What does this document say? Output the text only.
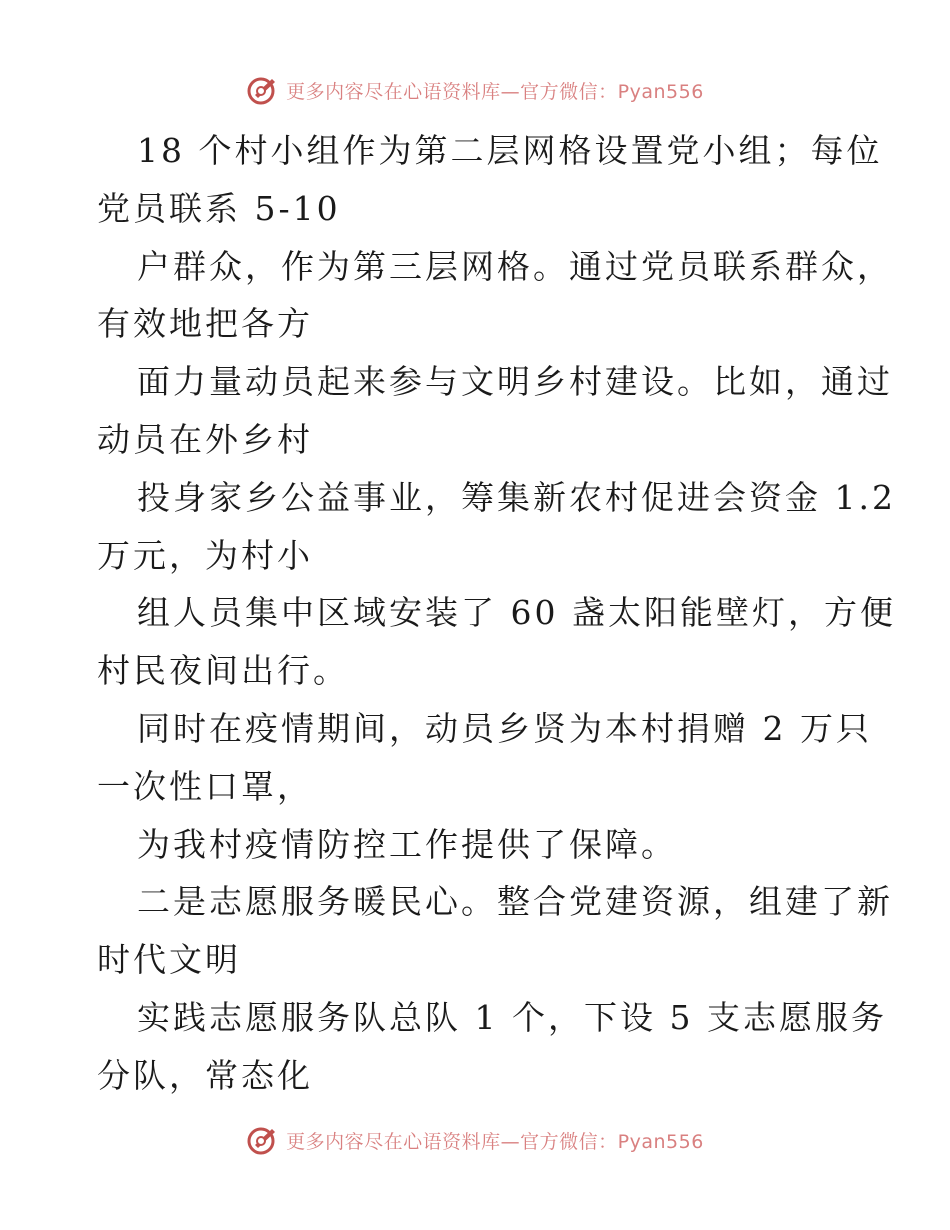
更多内容尽在心语资料库—官方微信：Pyan556
18 个村小组作为第二层网格设置党小组；每位
党员联系 5-10
户群众，作为第三层网格。通过党员联系群众，
有效地把各方
面力量动员起来参与文明乡村建设。比如，通过
动员在外乡村
投身家乡公益事业，筹集新农村促进会资金 1.2
万元，为村小
组人员集中区域安装了 60 盏太阳能壁灯，方便
村民夜间出行。
同时在疫情期间，动员乡贤为本村捐赠 2 万只
一次性口罩，
为我村疫情防控工作提供了保障。
二是志愿服务暖民心。整合党建资源，组建了新
时代文明
实践志愿服务队总队 1 个，下设 5 支志愿服务
分队，常态化
更多内容尽在心语资料库—官方微信：Pyan556
